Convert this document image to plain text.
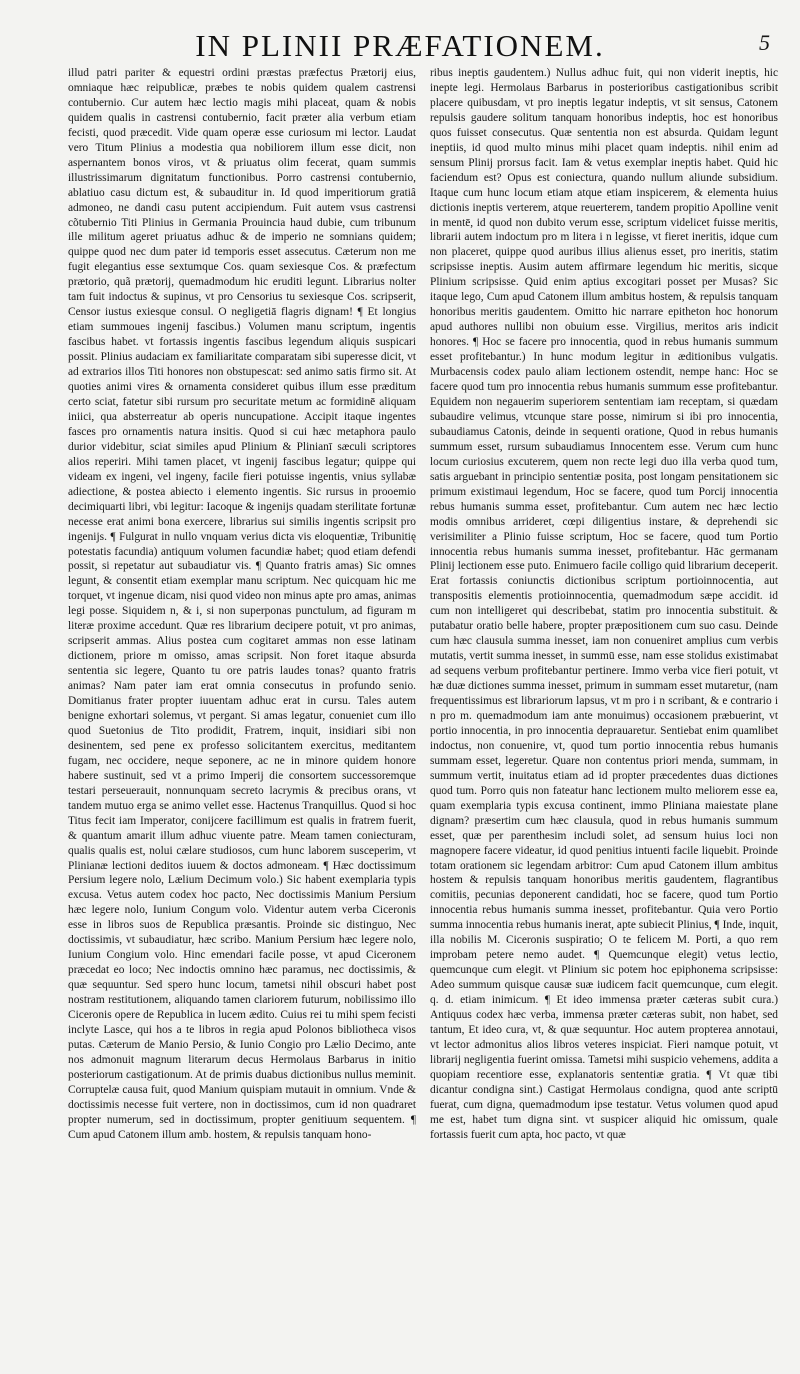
IN PLINII PRÆFATIONEM.	5

illud patri pariter & equestri ordini præstas præfectus Prætorij eius, omniaque hæc reipublicæ, præbes te nobis quidem qualem castrensi contubernio. Cur autem hæc lectio magis mihi placeat, quam & nobis quidem qualis in castrensi contubernio, facit præter alia verbum etiam fecisti, quod præcedit. Vide quam operæ esse curiosum mi lector. Laudat vero Titum Plinius a modestia qua nobiliorem illum esse dicit, non aspernantem bonos viros, vt & priuatus olim fecerat, quam summis illustrissimarum dignitatum functionibus. Porro castrensi contubernio, ablatiuo casu dictum est, & subauditur in. Id quod imperitiorum gratiâ admoneo, ne dandi casu putent accipiendum. Fuit autem vsus castrensi cõtubernio Titi Plinius in Germania Prouincia haud dubie, cum tribunum ille militum ageret priuatus adhuc & de imperio ne somnians quidem; quippe quod nec dum pater id temporis esset assecutus. Cæterum non me fugit elegantius esse sextumque Cos. quam sexiesque Cos. & præfectum prætorio, quã prætorij, quemadmodum hic eruditi legunt. Librarius nolter tam fuit indoctus & supinus, vt pro Censorius tu sexiesque Cos. scripserit, Censor iustus exiesque consul. O negligetiā flagris dignam! ¶ Et longius etiam summoues ingenij fascibus.) Volumen manu scriptum, ingentis fascibus habet. vt fortassis ingentis fascibus legendum aliquis suspicari possit. Plinius audaciam ex familiaritate comparatam sibi superesse dicit, vt ad extrarios illos Titi honores non obstupescat: sed animo satis firmo sit. At quoties animi vires & ornamenta consideret quibus illum esse præditum certo sciat, fatetur sibi rursum pro securitate metum ac formidinē aliquam iniici, qua absterreatur ab operis nuncupatione. Accipit itaque ingentes fasces pro ornamentis natura insitis. Quod si cui hæc metaphora paulo durior videbitur, sciat similes apud Plinium & Plinianī sæculi scriptores alios reperiri. Mihi tamen placet, vt ingenij fascibus legatur; quippe qui videam ex ingeni, vel ingeny, facile fieri potuisse ingentis, vnius syllabæ adiectione, & postea abiecto i elemento ingentis. Sic rursus in prooemio decimiquarti libri, vbi legitur: Iacoque & ingenijs quadam sterilitate fortunæ necesse erat animi bona exercere, librarius sui similis ingentis scripsit pro ingenijs. ¶ Fulgurat in nullo vnquam verius dicta vis eloquentiæ, Tribunitię potestatis facundia) antiquum volumen facundiæ habet; quod etiam defendi possit, si repetatur aut subaudiatur vis. ¶ Quanto fratris amas) Sic omnes legunt, & consentit etiam exemplar manu scriptum. Nec quicquam hic me torquet, vt ingenue dicam, nisi quod video non minus apte pro amas, animas legi posse. Siquidem n, & i, si non superponas punctulum, ad figuram m literæ proxime accedunt. Quæ res librarium decipere potuit, vt pro animas, scripserit ammas. Alius postea cum cogitaret ammas non esse latinam dictionem, priore m omisso, amas scripsit. Non foret itaque absurda sententia sic legere, Quanto tu ore patris laudes tonas? quanto fratris animas? Nam pater iam erat omnia consecutus in profundo senio. Domitianus frater propter iuuentam adhuc erat in cursu. Tales autem benigne exhortari solemus, vt pergant. Si amas legatur, conueniet cum illo quod Suetonius de Tito prodidit, Fratrem, inquit, insidiari sibi non desinentem, sed pene ex professo solicitantem exercitus, meditantem fugam, nec occidere, neque seponere, ac ne in minore quidem honore habere sustinuit, sed vt a primo Imperij die consortem successoremque testari perseuerauit, nonnunquam secreto lacrymis & precibus orans, vt tandem mutuo erga se animo vellet esse. Hactenus Tranquillus. Quod si hoc Titus fecit iam Imperator, conijcere facillimum est qualis in fratrem fuerit, & quantum amarit illum adhuc viuente patre. Meam tamen coniecturam, qualis qualis est, nolui cælare studiosos, cum hunc laborem susceperim, vt Plinianæ lectioni deditos iuuem & doctos admoneam. ¶ Hæc doctissimum Persium legere nolo, Lælium Decimum volo.) Sic habent exemplaria typis excusa. Vetus autem codex hoc pacto, Nec doctissimis Manium Persium hæc legere nolo, Iunium Congum volo. Videntur autem verba Ciceronis esse in libros suos de Republica præsantis. Proinde sic distinguo, Nec doctissimis, vt subaudiatur, hæc scribo. Manium Persium hæc legere nolo, Iunium Congium volo. Hinc emendari facile posse, vt apud Ciceronem præcedat eo loco; Nec indoctis omnino hæc paramus, nec doctissimis, & quæ sequuntur. Sed spero hunc locum, tametsi nihil obscuri habet post nostram restitutionem, aliquando tamen clariorem futurum, nobilissimo illo Ciceronis opere de Republica in lucem ædito. Cuius rei tu mihi spem fecisti inclyte Lasce, qui hos a te libros in regia apud Polonos bibliotheca visos putas. Cæterum de Manio Persio, & Iunio Congio pro Lælio Decimo, ante nos admonuit magnum literarum decus Hermolaus Barbarus in initio posteriorum castigationum. At de primis duabus dictionibus nullus meminit. Corruptelæ causa fuit, quod Manium quispiam mutauit in omnium. Vnde & doctissimis necesse fuit vertere, non in doctissimos, cum id non quadraret propter numerum, sed in doctissimum, propter genitiuum sequentem. ¶ Cum apud Catonem illum amb. hostem, & repulsis tanquam hono-

ribus ineptis gaudentem.) Nullus adhuc fuit, qui non viderit ineptis, hic inepte legi. Hermolaus Barbarus in posterioribus castigationibus scribit placere quibusdam, vt pro ineptis legatur indeptis, vt sit sensus, Catonem repulsis gaudere solitum tanquam honoribus indeptis, hoc est honoribus quos fuisset consecutus. Quæ sententia non est absurda. Quidam legunt ineptiis, id quod multo minus mihi placet quam indeptis. nihil enim ad sensum Plinij prorsus facit. Iam & vetus exemplar ineptis habet. Quid hic faciendum est? Opus est coniectura, quando nullum aliunde subsidium. Itaque cum hunc locum etiam atque etiam inspicerem, & elementa huius dictionis ineptis verterem, atque reuerterem, tandem propitio Apolline venit in mentē, id quod non dubito verum esse, scriptum videlicet fuisse meritis, librarii autem indoctum pro m litera i n legisse, vt fieret ineritis, idque cum non placeret, quippe quod auribus illius alienus esset, pro ineritis, statim scripsisse ineptis. Ausim autem affirmare legendum hic meritis, sicque Plinium scripsisse. Quid enim aptius excogitari posset per Musas? Sic itaque lego, Cum apud Catonem illum ambitus hostem, & repulsis tanquam honoribus meritis gaudentem. Omitto hic narrare epitheton hoc honorum apud authores nullibi non obuium esse. Virgilius, meritos aris indicit honores. ¶ Hoc se facere pro innocentia, quod in rebus humanis summum esset profitebantur.) In hunc modum legitur in æditionibus vulgatis. Murbacensis codex paulo aliam lectionem ostendit, nempe hanc: Hoc se facere quod tum pro innocentia rebus humanis summum esse profitebantur. Equidem non negauerim superiorem sententiam iam receptam, si quædam subaudire velimus, vtcunque stare posse, nimirum si ibi pro innocentia, subaudiamus Catonis, deinde in sequenti oratione, Quod in rebus humanis summum esset, rursum subaudiamus Innocentem esse. Verum cum hunc locum curiosius excuterem, quem non recte legi duo illa verba quod tum, satis arguebant in principio sententiæ posita, post longam pensitationem sic primum existimaui legendum, Hoc se facere, quod tum Porcij innocentia rebus humanis summa esset, profitebantur. Cum autem nec hæc lectio modis omnibus arrideret, cœpi diligentius instare, & deprehendi sic verisimiliter a Plinio fuisse scriptum, Hoc se facere, quod tum Portio innocentia rebus humanis summa inesset, profitebantur. Hāc germanam Plinij lectionem esse puto. Enimuero facile colligo quid librarium deceperit. Erat fortassis coniunctis dictionibus scriptum portioinnocentia, aut transpositis elementis protioinnocentia, quemadmodum sæpe accidit. id cum non intelligeret qui describebat, statim pro innocentia substituit. & putabatur oratio belle habere, propter præpositionem cum suo casu. Deinde cum hæc clausula summa inesset, iam non conueniret amplius cum verbis mutatis, vertit summa inesset, in summū esse, nam esse stolidus existimabat ad sequens verbum profitebantur pertinere. Immo verba vice fieri potuit, vt hæ duæ dictiones summa inesset, primum in summam esset mutaretur, (nam frequentissimus est librariorum lapsus, vt m pro i n scribant, & e contrario i n pro m. quemadmodum iam ante monuimus) occasionem præbuerint, vt portio innocentia, in pro innocentia deprauaretur. Sentiebat enim quamlibet indoctus, non conuenire, vt, quod tum portio innocentia rebus humanis summam esset, legeretur. Quare non contentus priori menda, summam, in summum vertit, inuitatus etiam ad id propter præcedentes duas dictiones quod tum. Porro quis non fateatur hanc lectionem multo meliorem esse ea, quam exemplaria typis excusa continent, immo Pliniana maiestate plane dignam? præsertim cum hæc clausula, quod in rebus humanis summum esset, quæ per parenthesim includi solet, ad sensum huius loci non magnopere facere videatur, id quod penitius intuenti facile liquebit. Proinde totam orationem sic legendam arbitror: Cum apud Catonem illum ambitus hostem & repulsis tanquam honoribus meritis gaudentem, flagrantibus comitiis, pecunias deponerent candidati, hoc se facere, quod tum Portio innocentia rebus humanis summa inesset, profitebantur. Quia vero Portio summa innocentia rebus humanis inerat, apte subiecit Plinius, ¶ Inde, inquit, illa nobilis M. Ciceronis suspiratio; O te felicem M. Porti, a quo rem improbam petere nemo audet. ¶ Quemcunque elegit) vetus lectio, quemcunque cum elegit. vt Plinium sic potem hoc epiphonema scripsisse: Adeo summum quisque causæ suæ iudicem facit quemcunque, cum elegit. q. d. etiam inimicum. ¶ Et ideo immensa præter cæteras subit cura.) Antiquus codex hæc verba, immensa præter cæteras subit, non habet, sed tantum, Et ideo cura, vt, & quæ sequuntur. Hoc autem propterea annotaui, vt lector admonitus alios libros veteres inspiciat. Fieri namque potuit, vt librarij negligentia fuerint omissa. Tametsi mihi suspicio vehemens, addita a quopiam recentiore esse, explanatoris sententiæ gratia. ¶ Vt quæ tibi dicantur condigna sint.) Castigat Hermolaus condigna, quod ante scriptū fuerat, cum digna, quemadmodum ipse testatur. Vetus volumen quod apud me est, habet tum digna sint. vt suspicer aliquid hic omissum, quale fortassis fuerit cum apta, hoc pacto, vt quæ
